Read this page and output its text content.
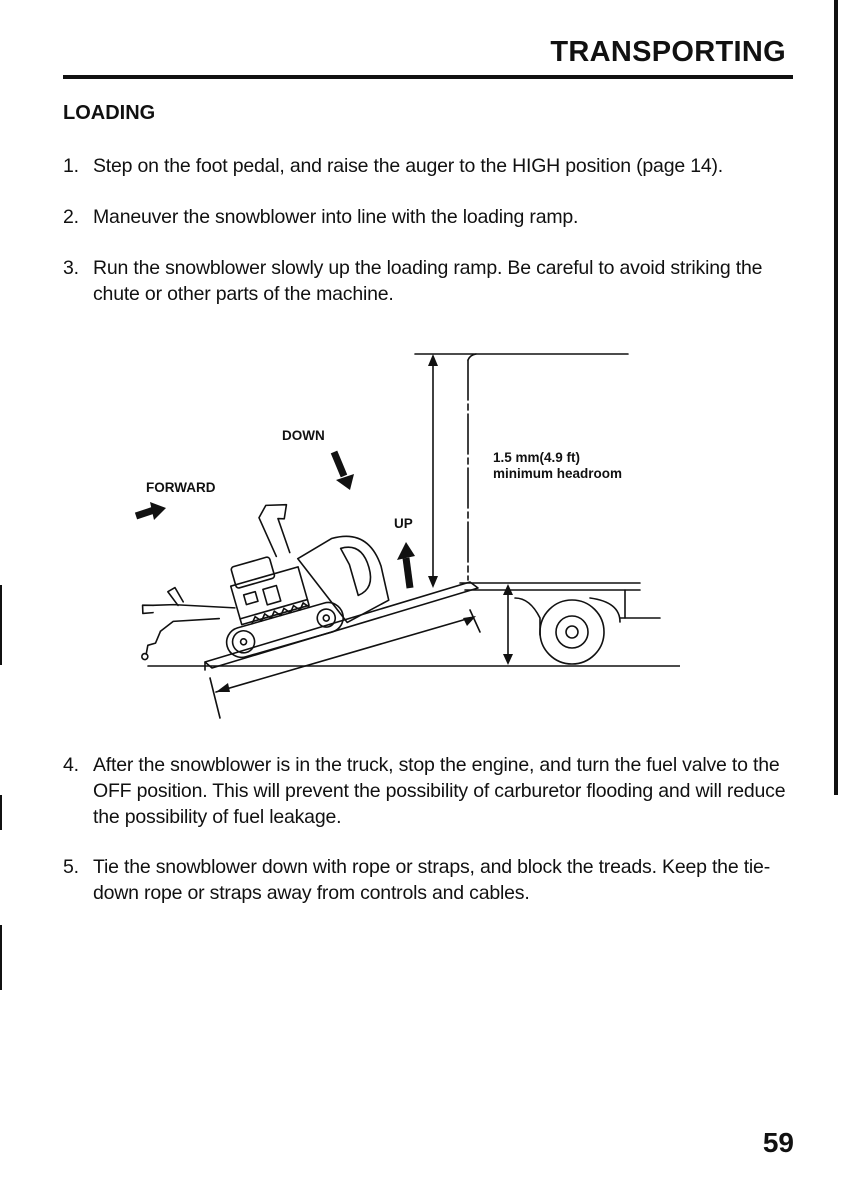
TRANSPORTING
LOADING
1. Step on the foot pedal, and raise the auger to the HIGH position (page 14).
2. Maneuver the snowblower into line with the loading ramp.
3. Run the snowblower slowly up the loading ramp. Be careful to avoid striking the chute or other parts of the machine.
DOWN
FORWARD
UP
1.5 mm(4.9 ft)
minimum headroom
4. After the snowblower is in the truck, stop the engine, and turn the fuel valve to the OFF position. This will prevent the possibility of carburetor flooding and will reduce the possibility of fuel leakage.
5. Tie the snowblower down with rope or straps, and block the treads. Keep the tie-down rope or straps away from controls and cables.
59
